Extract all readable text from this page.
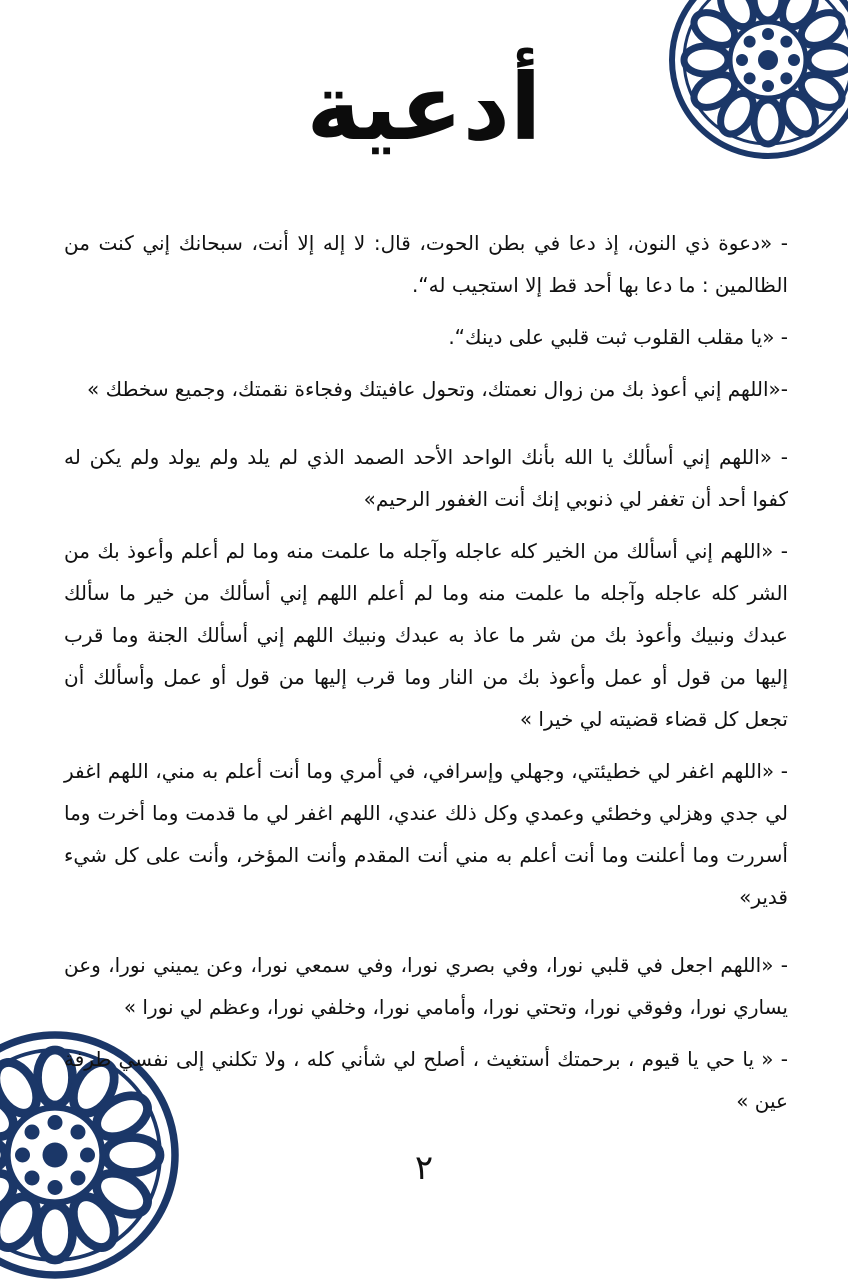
أدعية

- «دعوة ذي النون، إذ دعا في بطن الحوت، قال: لا إله إلا أنت، سبحانك إني كنت من الظالمين : ما دعا بها أحد قط إلا استجيب له“.

- «يا مقلب القلوب ثبت قلبي على دينك“.

-«اللهم إني أعوذ بك من زوال نعمتك، وتحول عافيتك وفجاءة نقمتك، وجميع سخطك »

- «اللهم إني أسألك يا الله بأنك الواحد الأحد الصمد الذي لم يلد ولم يولد ولم يكن له كفوا أحد أن تغفر لي ذنوبي إنك أنت الغفور الرحيم»

- «اللهم إني أسألك من الخير كله عاجله وآجله ما علمت منه وما لم أعلم وأعوذ بك من الشر كله عاجله وآجله ما علمت منه وما لم أعلم اللهم إني أسألك من خير ما سألك عبدك ونبيك وأعوذ بك من شر ما عاذ به عبدك ونبيك اللهم إني أسألك الجنة وما قرب إليها من قول أو عمل وأعوذ بك من النار وما قرب إليها من قول أو عمل وأسألك أن تجعل كل قضاء قضيته لي خيرا »

- «اللهم اغفر لي خطيئتي، وجهلي وإسرافي، في أمري وما أنت أعلم به مني، اللهم اغفر لي جدي وهزلي وخطئي وعمدي وكل ذلك عندي، اللهم اغفر لي ما قدمت وما أخرت وما أسررت وما أعلنت وما أنت أعلم به مني أنت المقدم وأنت المؤخر، وأنت على كل شيء قدير»

- «اللهم اجعل في قلبي نورا، وفي بصري نورا، وفي سمعي نورا، وعن يميني نورا، وعن يساري نورا، وفوقي نورا، وتحتي نورا، وأمامي نورا، وخلفي نورا، وعظم لي نورا »

- « يا حي يا قيوم ، برحمتك أستغيث ، أصلح لي شأني كله ، ولا تكلني إلى نفسي طرفة عين »

٢
